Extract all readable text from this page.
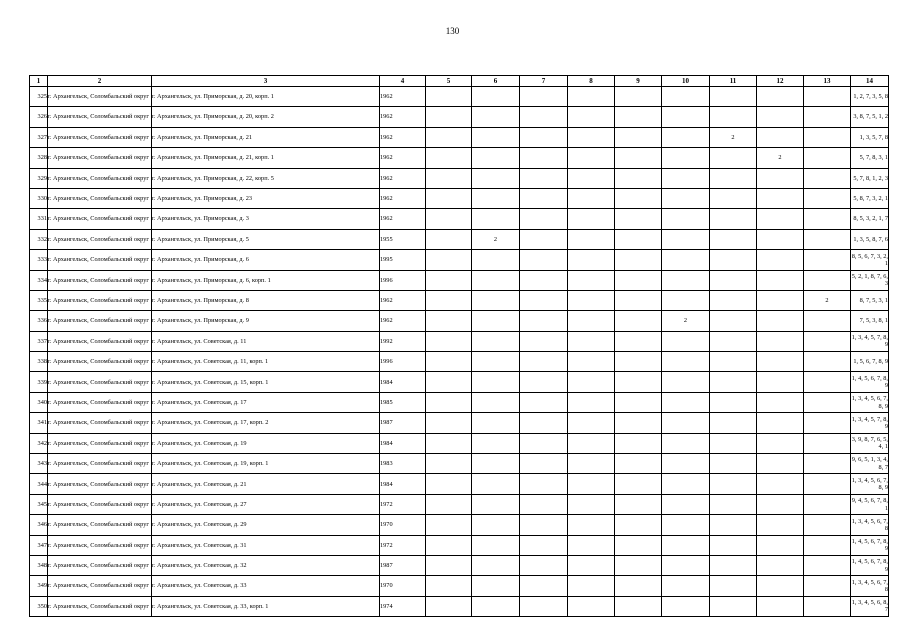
130
1	2	3	4	5	6	7	8	9	10	11	12	13	14
325	г. Архангельск, Соломбальский округ	г. Архангельск, ул. Приморская, д. 20, корп. 1	1962										1, 2, 7, 3, 5, 8
326	г. Архангельск, Соломбальский округ	г. Архангельск, ул. Приморская, д. 20, корп. 2	1962										3, 8, 7, 5, 1, 2
327	г. Архангельск, Соломбальский округ	г. Архангельск, ул. Приморская, д. 21	1962							2			1, 3, 5, 7, 8
328	г. Архангельск, Соломбальский округ	г. Архангельск, ул. Приморская, д. 21, корп. 1	1962								2		5, 7, 8, 3, 1
329	г. Архангельск, Соломбальский округ	г. Архангельск, ул. Приморская, д. 22, корп. 5	1962										5, 7, 8, 1, 2, 3
330	г. Архангельск, Соломбальский округ	г. Архангельск, ул. Приморская, д. 23	1962										5, 8, 7, 3, 2, 1
331	г. Архангельск, Соломбальский округ	г. Архангельск, ул. Приморская, д. 3	1962										8, 5, 3, 2, 1, 7
332	г. Архангельск, Соломбальский округ	г. Архангельск, ул. Приморская, д. 5	1955		2								1, 3, 5, 8, 7, 6
333	г. Архангельск, Соломбальский округ	г. Архангельск, ул. Приморская, д. 6	1995										8, 5, 6, 7, 3, 2, 1
334	г. Архангельск, Соломбальский округ	г. Архангельск, ул. Приморская, д. 6, корп. 1	1996										5, 2, 1, 8, 7, 6, 3
335	г. Архангельск, Соломбальский округ	г. Архангельск, ул. Приморская, д. 8	1962									2	8, 7, 5, 3, 1
336	г. Архангельск, Соломбальский округ	г. Архангельск, ул. Приморская, д. 9	1962						2				7, 5, 3, 8, 1
337	г. Архангельск, Соломбальский округ	г. Архангельск, ул. Советская, д. 11	1992										1, 3, 4, 5, 7, 8, 9
338	г. Архангельск, Соломбальский округ	г. Архангельск, ул. Советская, д. 11, корп. 1	1996										1, 5, 6, 7, 8, 9
339	г. Архангельск, Соломбальский округ	г. Архангельск, ул. Советская, д. 15, корп. 1	1984										1, 4, 5, 6, 7, 8, 9
340	г. Архангельск, Соломбальский округ	г. Архангельск, ул. Советская, д. 17	1985										1, 3, 4, 5, 6, 7, 8, 9
341	г. Архангельск, Соломбальский округ	г. Архангельск, ул. Советская, д. 17, корп. 2	1987										1, 3, 4, 5, 7, 8, 9
342	г. Архангельск, Соломбальский округ	г. Архангельск, ул. Советская, д. 19	1984										3, 9, 8, 7, 6, 5, 4, 1
343	г. Архангельск, Соломбальский округ	г. Архангельск, ул. Советская, д. 19, корп. 1	1983										9, 6, 5, 1, 3, 4, 8, 7
344	г. Архангельск, Соломбальский округ	г. Архангельск, ул. Советская, д. 21	1984										1, 3, 4, 5, 6, 7, 8, 9
345	г. Архангельск, Соломбальский округ	г. Архангельск, ул. Советская, д. 27	1972										9, 4, 5, 6, 7, 8, 1
346	г. Архангельск, Соломбальский округ	г. Архангельск, ул. Советская, д. 29	1970										1, 3, 4, 5, 6, 7, 8
347	г. Архангельск, Соломбальский округ	г. Архангельск, ул. Советская, д. 31	1972										1, 4, 5, 6, 7, 8, 9
348	г. Архангельск, Соломбальский округ	г. Архангельск, ул. Советская, д. 32	1987										1, 4, 5, 6, 7, 8, 9
349	г. Архангельск, Соломбальский округ	г. Архангельск, ул. Советская, д. 33	1970										1, 3, 4, 5, 6, 7, 8
350	г. Архангельск, Соломбальский округ	г. Архангельск, ул. Советская, д. 33, корп. 1	1974										1, 3, 4, 5, 6, 8, 7
